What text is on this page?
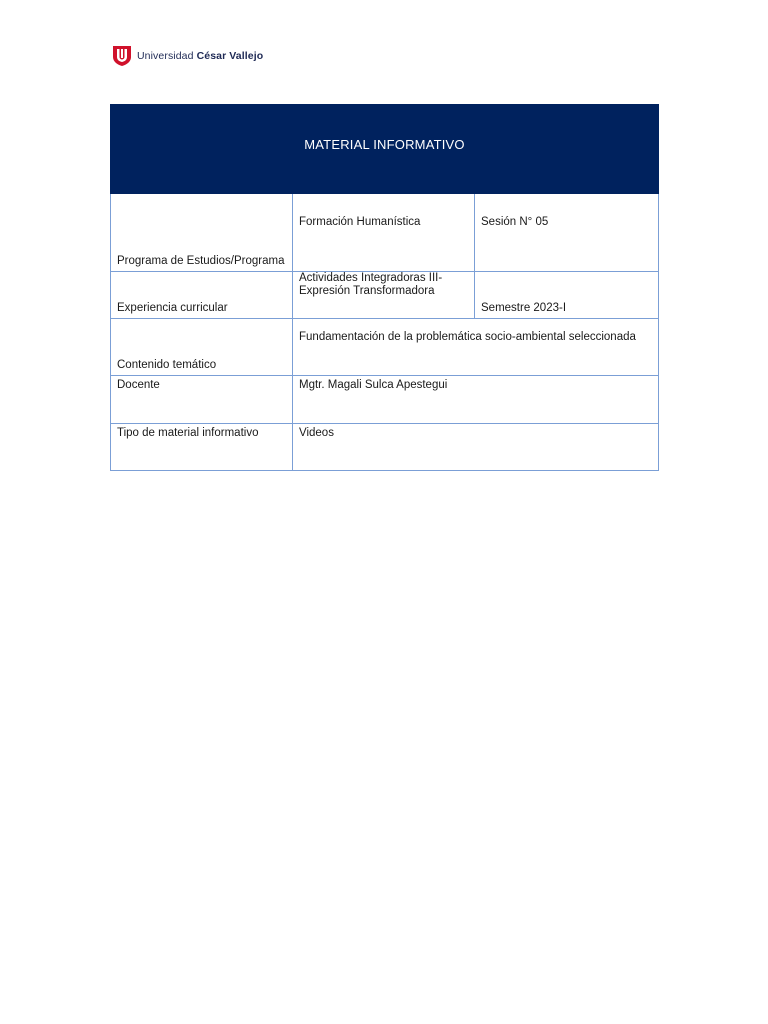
Universidad César Vallejo
MATERIAL INFORMATIVO		
Programa de Estudios/Programa	Formación Humanística	Sesión N° 05
Experiencia curricular	Actividades Integradoras III- Expresión Transformadora	Semestre 2023-I
Contenido temático	Fundamentación de la problemática socio-ambiental seleccionada	
Docente	Mgtr. Magali Sulca Apestegui	
Tipo de material informativo	Videos	
